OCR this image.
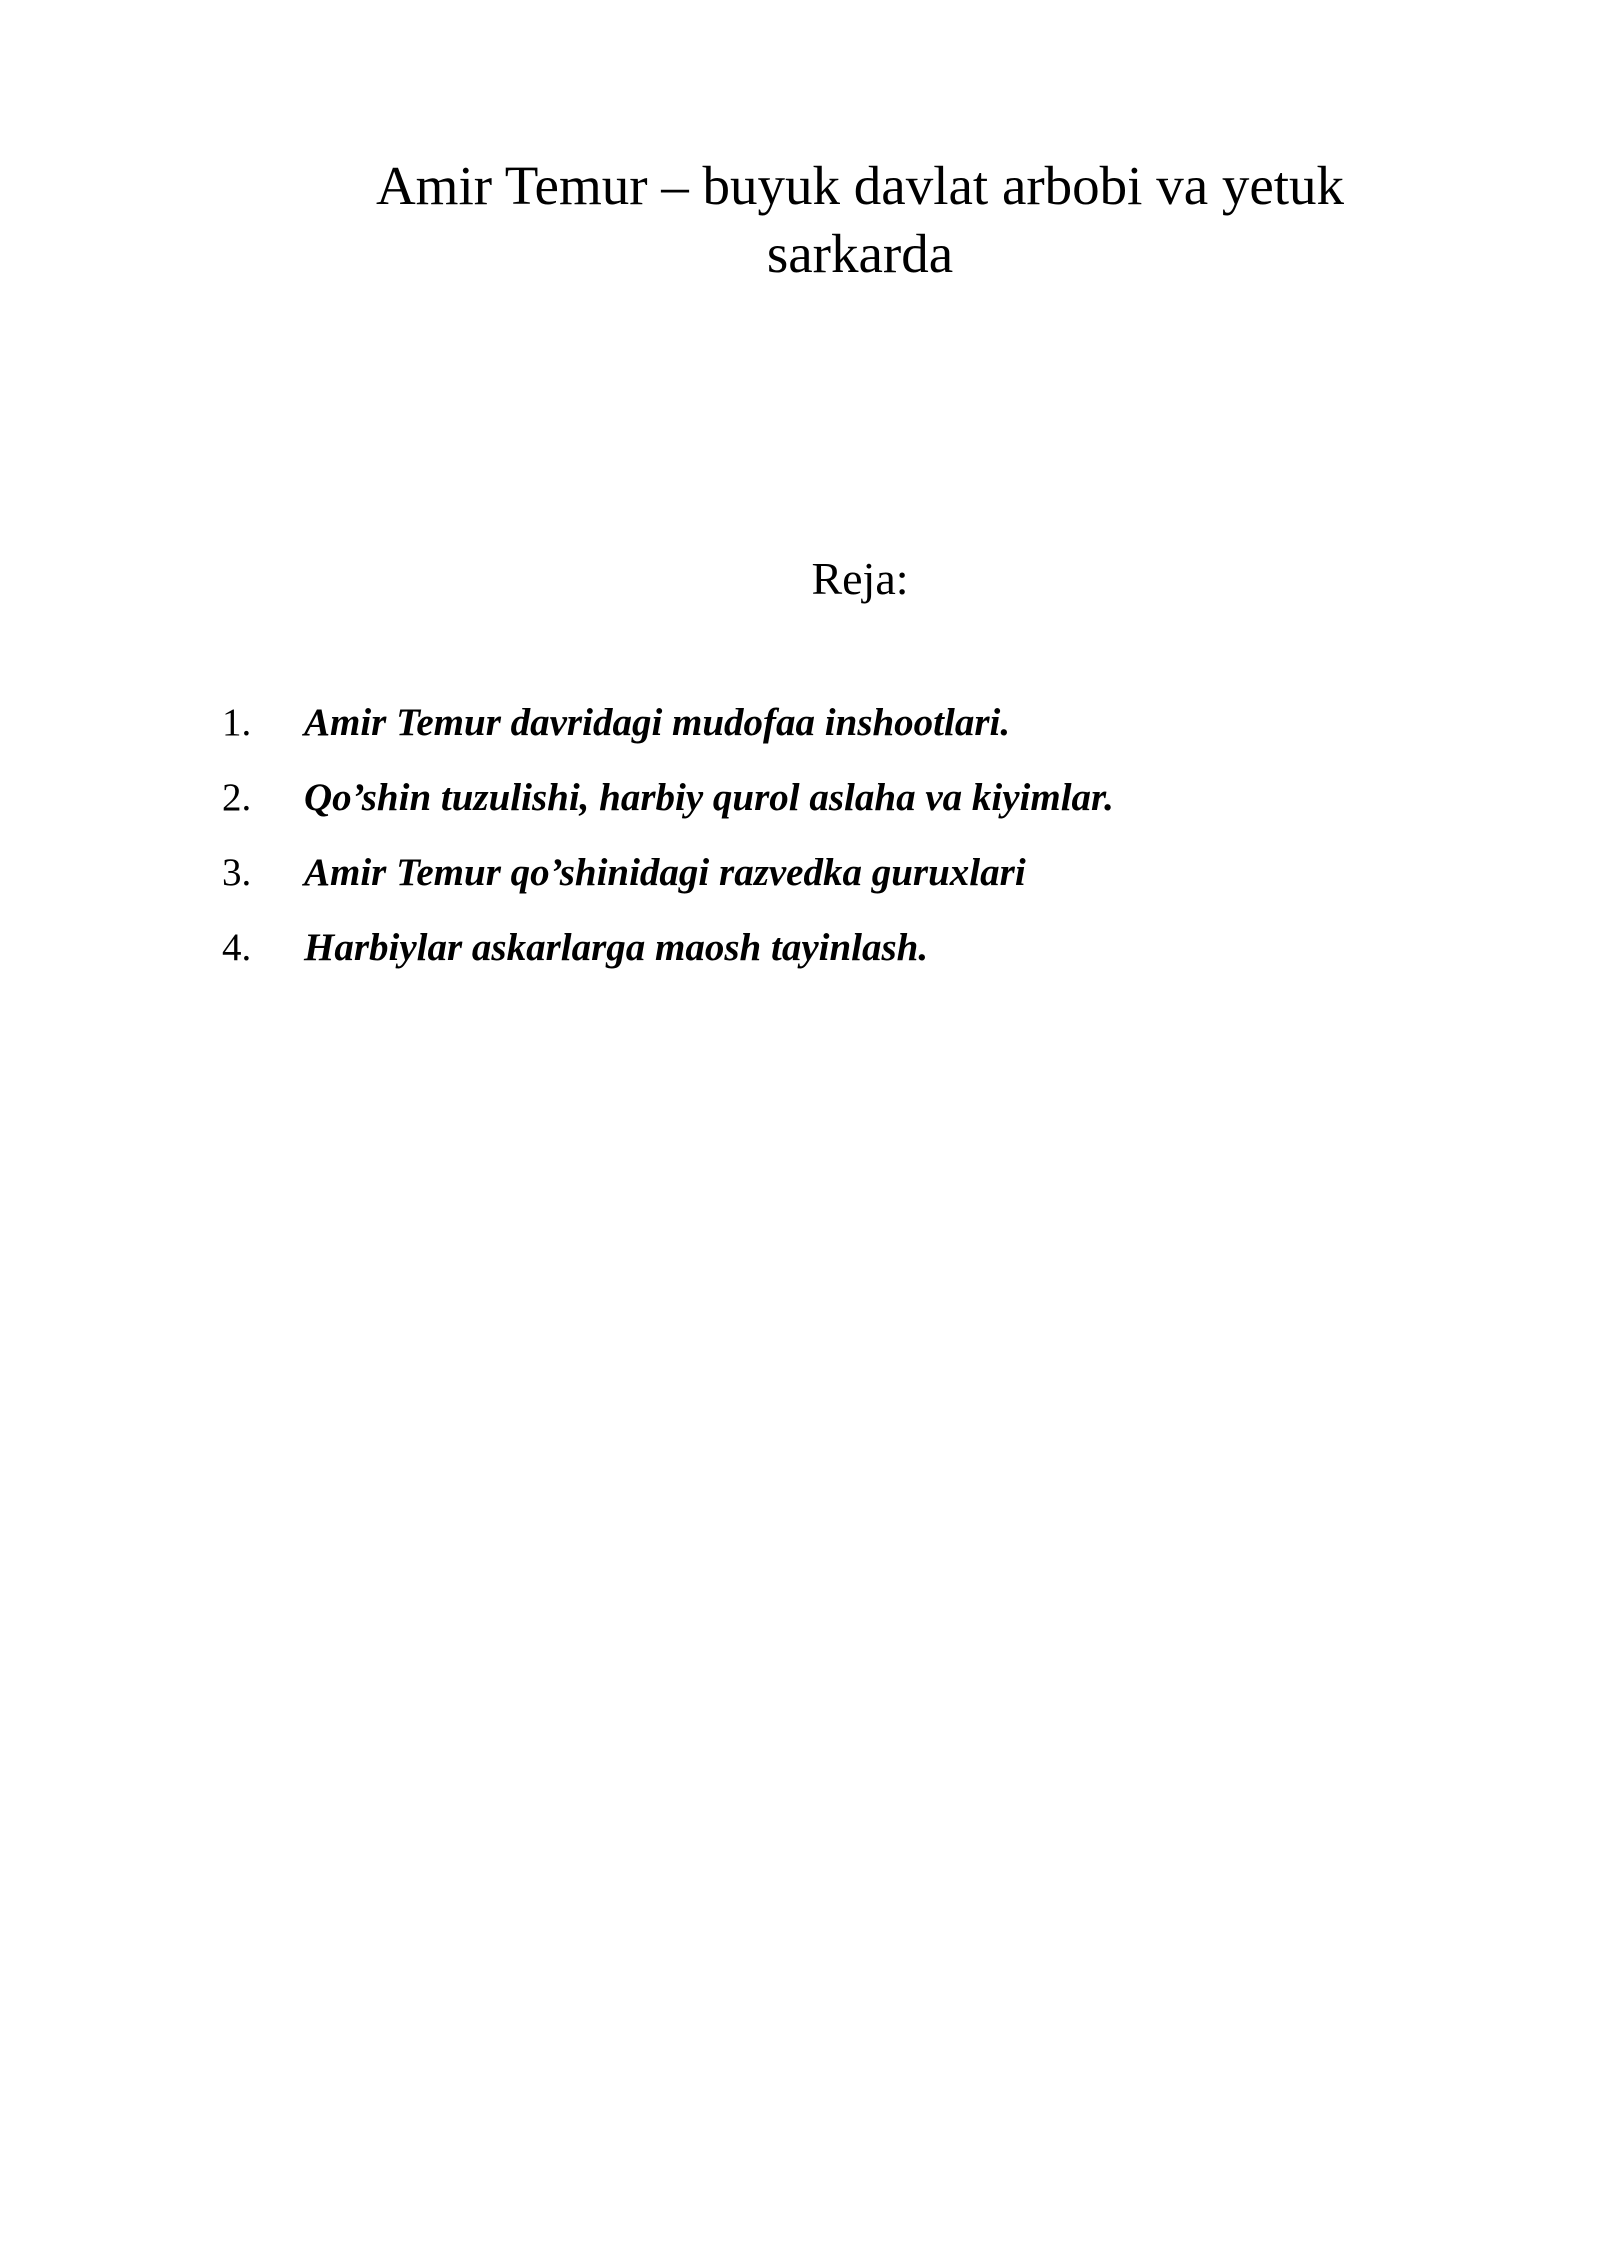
Amir Temur – buyuk davlat arbobi va yetuk sarkarda
Reja:
1. Amir Temur davridagi mudofaa inshootlari.
2. Qo’shin tuzulishi, harbiy qurol aslaha va kiyimlar.
3. Amir Temur qo’shinidagi razvedka guruxlari
4. Harbiylar askarlarga maosh tayinlash.
